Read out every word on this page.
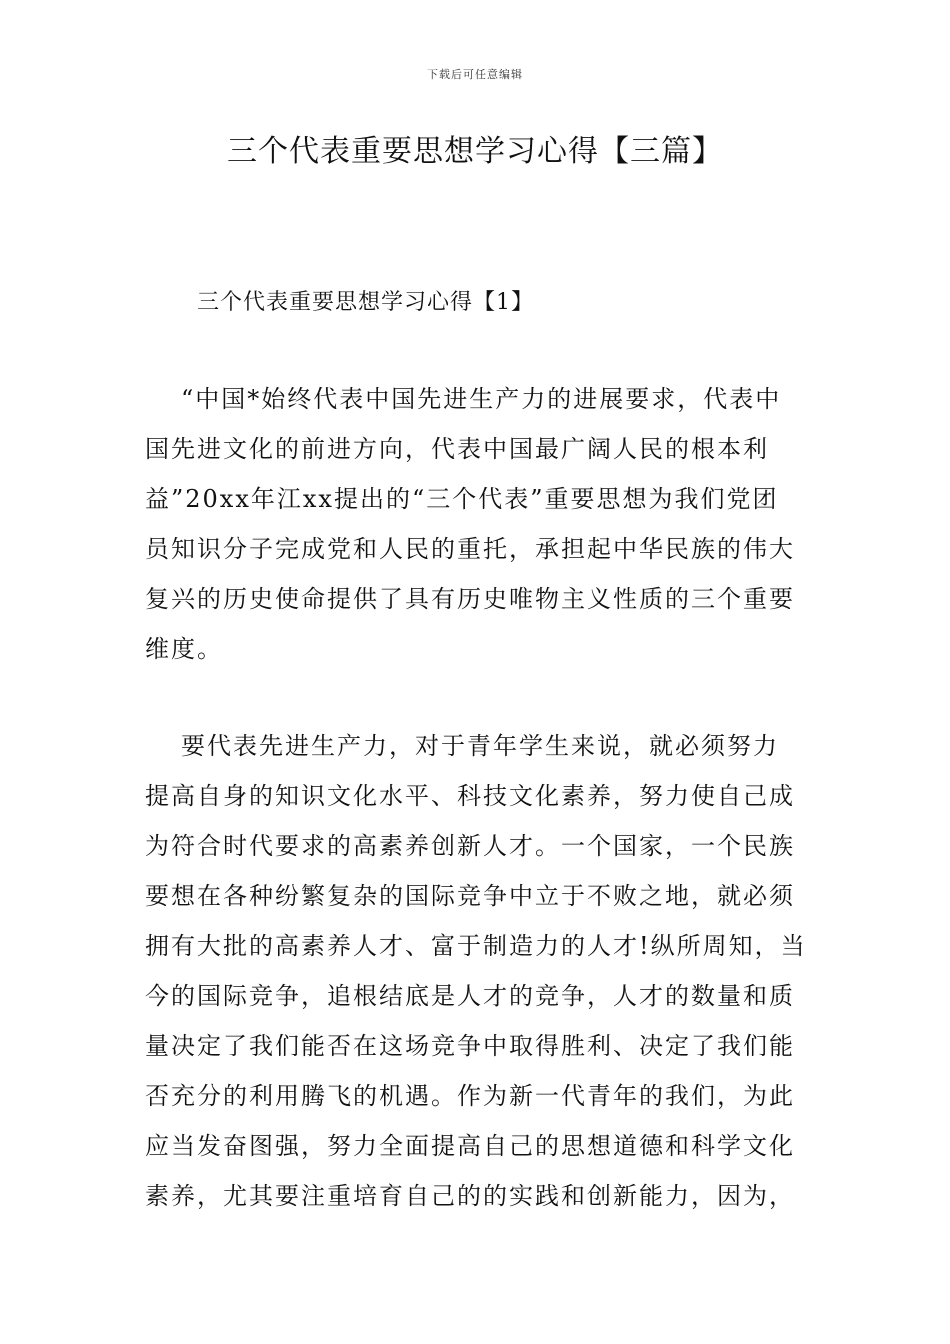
下载后可任意编辑
三个代表重要思想学习心得【三篇】
三个代表重要思想学习心得【1】
“中国*始终代表中国先进生产力的进展要求，代表中
国先进文化的前进方向，代表中国最广阔人民的根本利
益”20xx年江xx提出的“三个代表”重要思想为我们党团
员知识分子完成党和人民的重托，承担起中华民族的伟大
复兴的历史使命提供了具有历史唯物主义性质的三个重要
维度。
要代表先进生产力，对于青年学生来说，就必须努力
提高自身的知识文化水平、科技文化素养，努力使自己成
为符合时代要求的高素养创新人才。一个国家，一个民族
要想在各种纷繁复杂的国际竞争中立于不败之地，就必须
拥有大批的高素养人才、富于制造力的人才!纵所周知，当
今的国际竞争，追根结底是人才的竞争，人才的数量和质
量决定了我们能否在这场竞争中取得胜利、决定了我们能
否充分的利用腾飞的机遇。作为新一代青年的我们，为此
应当发奋图强，努力全面提高自己的思想道德和科学文化
素养，尤其要注重培育自己的的实践和创新能力，因为，
